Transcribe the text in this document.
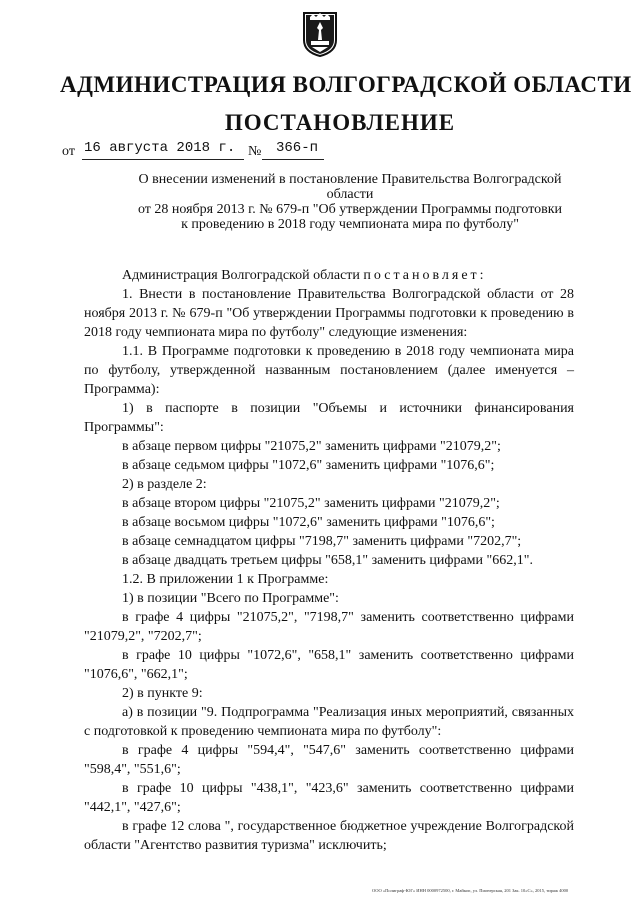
АДМИНИСТРАЦИЯ ВОЛГОГРАДСКОЙ ОБЛАСТИ
ПОСТАНОВЛЕНИЕ
от 16 августа 2018 г. № 366-п
О внесении изменений в постановление Правительства Волгоградской области
от 28 ноября 2013 г. № 679-п "Об утверждении Программы подготовки
к проведению в 2018 году чемпионата мира по футболу"

Администрация Волгоградской области постановляет:

1. Внести в постановление Правительства Волгоградской области от 28 ноября 2013 г. № 679-п "Об утверждении Программы подготовки к проведению в 2018 году чемпионата мира по футболу" следующие изменения:

1.1. В Программе подготовки к проведению в 2018 году чемпионата мира по футболу, утвержденной названным постановлением (далее именуется – Программа):

1) в паспорте в позиции "Объемы и источники финансирования Программы":

в абзаце первом цифры "21075,2" заменить цифрами "21079,2";

в абзаце седьмом цифры "1072,6" заменить цифрами "1076,6";

2) в разделе 2:

в абзаце втором цифры "21075,2" заменить цифрами "21079,2";

в абзаце восьмом цифры "1072,6" заменить цифрами "1076,6";

в абзаце семнадцатом цифры "7198,7" заменить цифрами "7202,7";

в абзаце двадцать третьем цифры "658,1" заменить цифрами "662,1".

1.2. В приложении 1 к Программе:

1) в позиции "Всего по Программе":

в графе 4 цифры "21075,2", "7198,7" заменить соответственно цифрами "21079,2", "7202,7";

в графе 10 цифры "1072,6", "658,1" заменить соответственно цифрами "1076,6", "662,1";

2) в пункте 9:

а) в позиции "9. Подпрограмма "Реализация иных мероприятий, связанных с подготовкой к проведению чемпионата мира по футболу":

в графе 4 цифры "594,4", "547,6" заменить соответственно цифрами "598,4", "551,6";

в графе 10 цифры "438,1", "423,6" заменить соответственно цифрами "442,1", "427,6";

в графе 12 слова ", государственное бюджетное учреждение Волгоградской области "Агентство развития туризма" исключить;

ООО «Полиграф-ЮГ» ИНН 0000972500, г. Майкоп, ул. Пионерская, 201 Зак. 10«С», 2015, тираж 4000
